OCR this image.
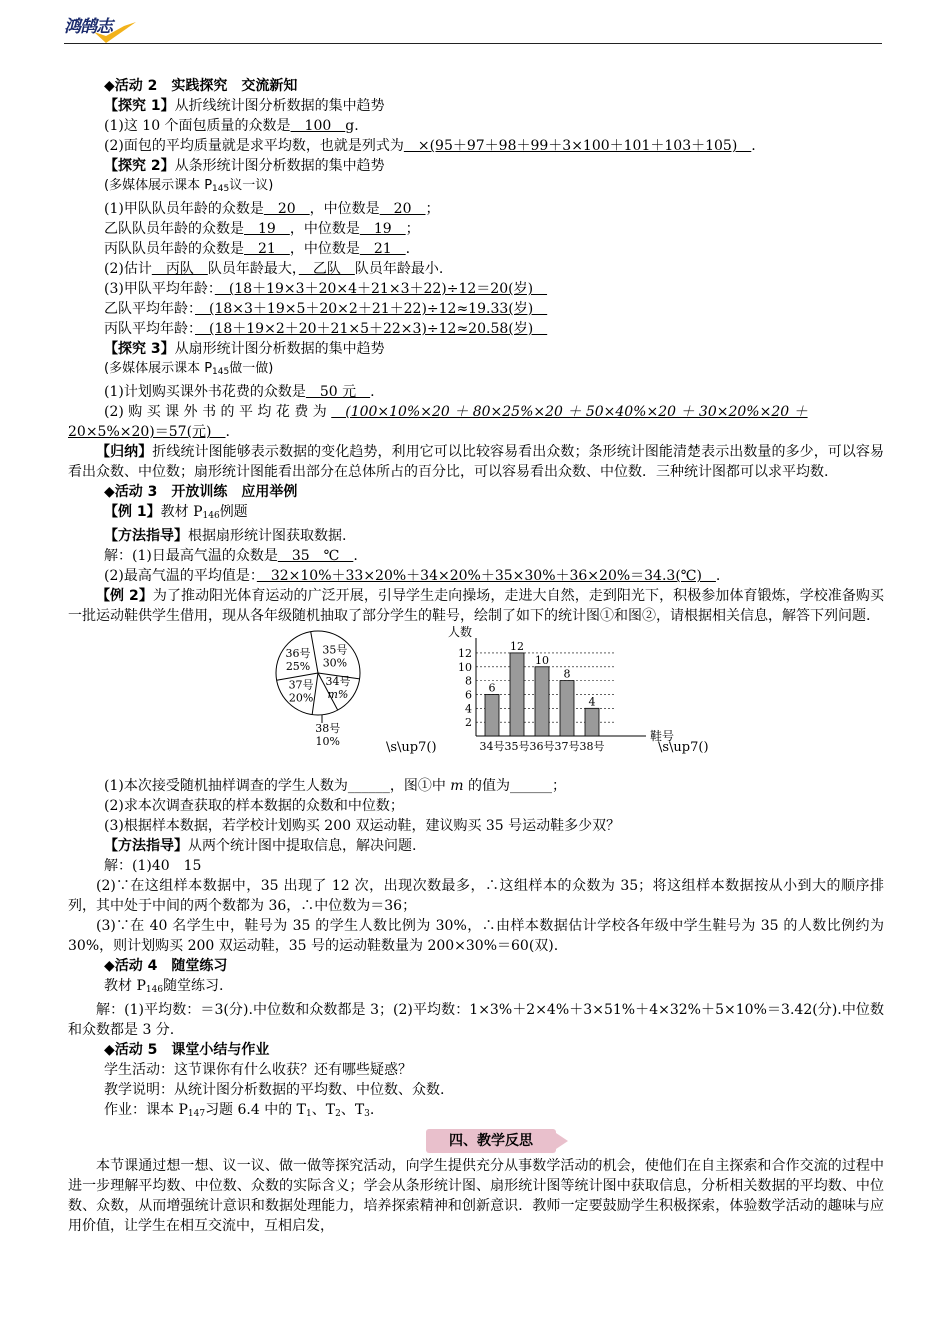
鸿鹄志

◆活动 2　实践探究　交流新知

【探究 1】从折线统计图分析数据的集中趋势

(1)这 10 个面包质量的众数是　100　g.

(2)面包的平均质量就是求平均数，也就是列式为　×(95＋97＋98＋99＋3×100＋101＋103＋105)　.

【探究 2】从条形统计图分析数据的集中趋势

(多媒体展示课本 $P_{145}$议一议)

(1)甲队队员年龄的众数是　20　，中位数是　20　；

乙队队员年龄的众数是　19　，中位数是　19　；

丙队队员年龄的众数是　21　，中位数是　21　.

(2)估计　丙队　队员年龄最大，　乙队　队员年龄最小.

(3)甲队平均年龄：　(18＋19×3＋20×4＋21×3＋22)÷12＝20(岁)　

乙队平均年龄：　(18×3＋19×5＋20×2＋21＋22)÷12≈19.33(岁)　

丙队平均年龄：　(18＋19×2＋20＋21×5＋22×3)÷12≈20.58(岁)　

【探究 3】从扇形统计图分析数据的集中趋势

(多媒体展示课本 $P_{145}$做一做)

(1)计划购买课外书花费的众数是　50 元　.

(2) 购 买 课 外 书 的 平 均 花 费 为 　(100×10%×20 ＋ 80×25%×20 ＋ 50×40%×20 ＋ 30×20%×20 ＋

20×5%×20)＝57(元)　.

【归纳】折线统计图能够表示数据的变化趋势，利用它可以比较容易看出众数；条形统计图能清楚表示出数量的多少，可以容易看出众数、中位数；扇形统计图能看出部分在总体所占的百分比，可以容易看出众数、中位数．三种统计图都可以求平均数.

◆活动 3　开放训练　应用举例

【例 1】教材 $P_{146}$例题

【方法指导】根据扇形统计图获取数据.

解：(1)日最高气温的众数是　35　℃　.

(2)最高气温的平均值是：　32×10%＋33×20%＋34×20%＋35×30%＋36×20%＝34.3(℃)　.

【例 2】为了推动阳光体育运动的广泛开展，引导学生走向操场，走进大自然，走到阳光下，积极参加体育锻炼，学校准备购买一批运动鞋供学生借用，现从各年级随机抽取了部分学生的鞋号，绘制了如下的统计图①和图②，请根据相关信息，解答下列问题.

35号
30%
34号
m%
38号
10%
37号
20%
36号
25%
\s\up7()
人数
鞋号
2
4
6
8
10
12
6
34号
12
35号
10
36号
8
37号
4
38号	\s\up7()

(1)本次接受随机抽样调查的学生人数为______，图①中 m 的值为______；

(2)求本次调查获取的样本数据的众数和中位数；

(3)根据样本数据，若学校计划购买 200 双运动鞋，建议购买 35 号运动鞋多少双？

【方法指导】从两个统计图中提取信息，解决问题.

解：(1)40　15

(2)∵在这组样本数据中，35 出现了 12 次，出现次数最多，∴这组样本的众数为 35；将这组样本数据按从小到大的顺序排列，其中处于中间的两个数都为 36，∴中位数为＝36；

(3)∵在 40 名学生中，鞋号为 35 的学生人数比例为 30%，∴由样本数据估计学校各年级中学生鞋号为 35 的人数比例约为 30%，则计划购买 200 双运动鞋，35 号的运动鞋数量为 200×30%＝60(双).

◆活动 4　随堂练习

教材 $P_{146}$随堂练习.

解：(1)平均数：＝3(分).中位数和众数都是 3；(2)平均数：1×3%＋2×4%＋3×51%＋4×32%＋5×10%＝3.42(分).中位数和众数都是 3 分.

◆活动 5　课堂小结与作业

学生活动：这节课你有什么收获？还有哪些疑惑？

教学说明：从统计图分析数据的平均数、中位数、众数.

作业：课本 $P_{147}$习题 6.4 中的 $T_1$、$T_2$、$T_3$.

四、教学反思

本节课通过想一想、议一议、做一做等探究活动，向学生提供充分从事数学活动的机会，使他们在自主探索和合作交流的过程中进一步理解平均数、中位数、众数的实际含义；学会从条形统计图、扇形统计图等统计图中获取信息，分析相关数据的平均数、中位数、众数，从而增强统计意识和数据处理能力，培养探索精神和创新意识．教师一定要鼓励学生积极探索，体验数学活动的趣味与应用价值，让学生在相互交流中，互相启发，
